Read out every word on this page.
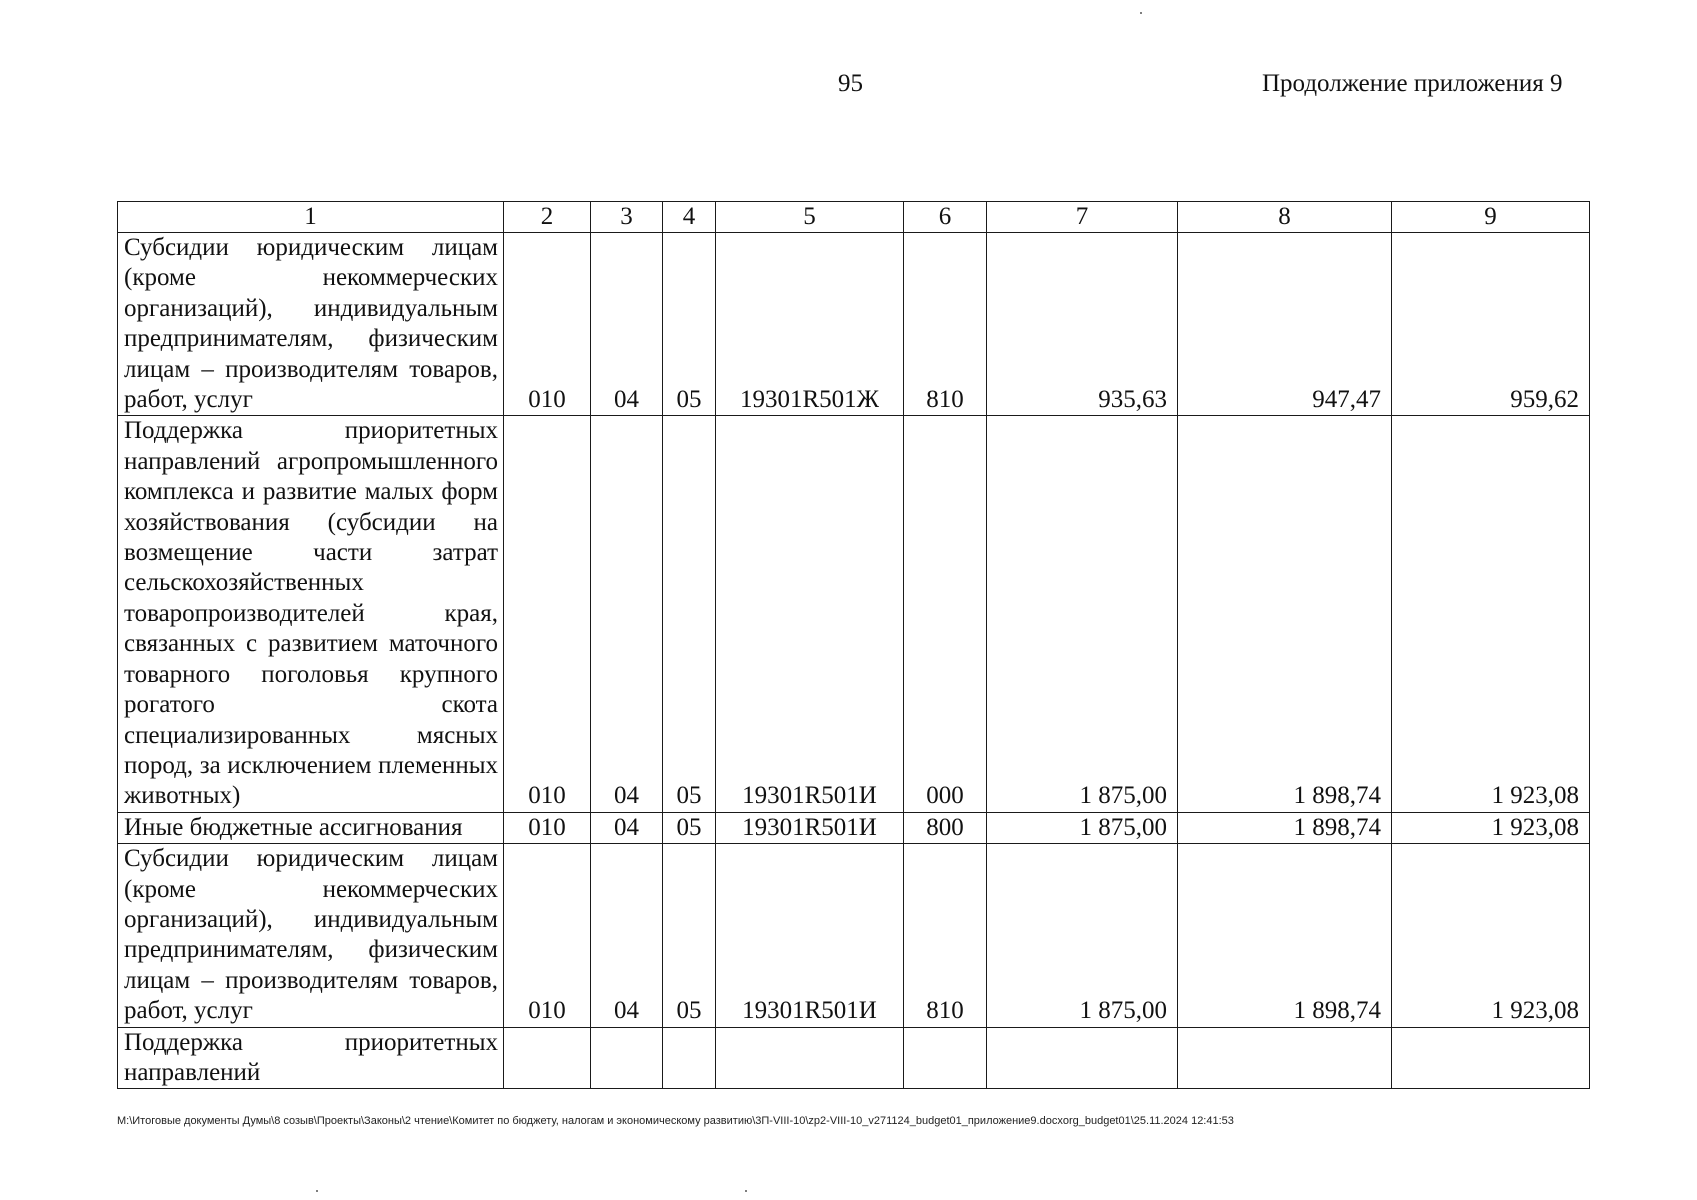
95	Продолжение приложения 9
1	2	3	4	5	6	7	8	9
Субсидии юридическим лицам (кроме некоммерческих организаций), индивидуальным предпринимателям, физическим лицам – производителям товаров, работ, услуг	010	04	05	19301R501Ж	810	935,63	947,47	959,62
Поддержка приоритетных направлений агропромышленного комплекса и развитие малых форм хозяйствования (субсидии на возмещение части затрат сельскохозяйственных товаропроизводителей края, связанных с развитием маточного товарного поголовья крупного рогатого скота специализированных мясных пород, за исключением племенных животных)	010	04	05	19301R501И	000	1 875,00	1 898,74	1 923,08
Иные бюджетные ассигнования	010	04	05	19301R501И	800	1 875,00	1 898,74	1 923,08
Субсидии юридическим лицам (кроме некоммерческих организаций), индивидуальным предпринимателям, физическим лицам – производителям товаров, работ, услуг	010	04	05	19301R501И	810	1 875,00	1 898,74	1 923,08
Поддержка приоритетных направлений								
M:\Итоговые документы Думы\8 созыв\Проекты\Законы\2 чтение\Комитет по бюджету, налогам и экономическому развитию\3П-VIII-10\zp2-VIII-10_v271124_budget01_приложение9.docxorg_budget01\25.11.2024 12:41:53
